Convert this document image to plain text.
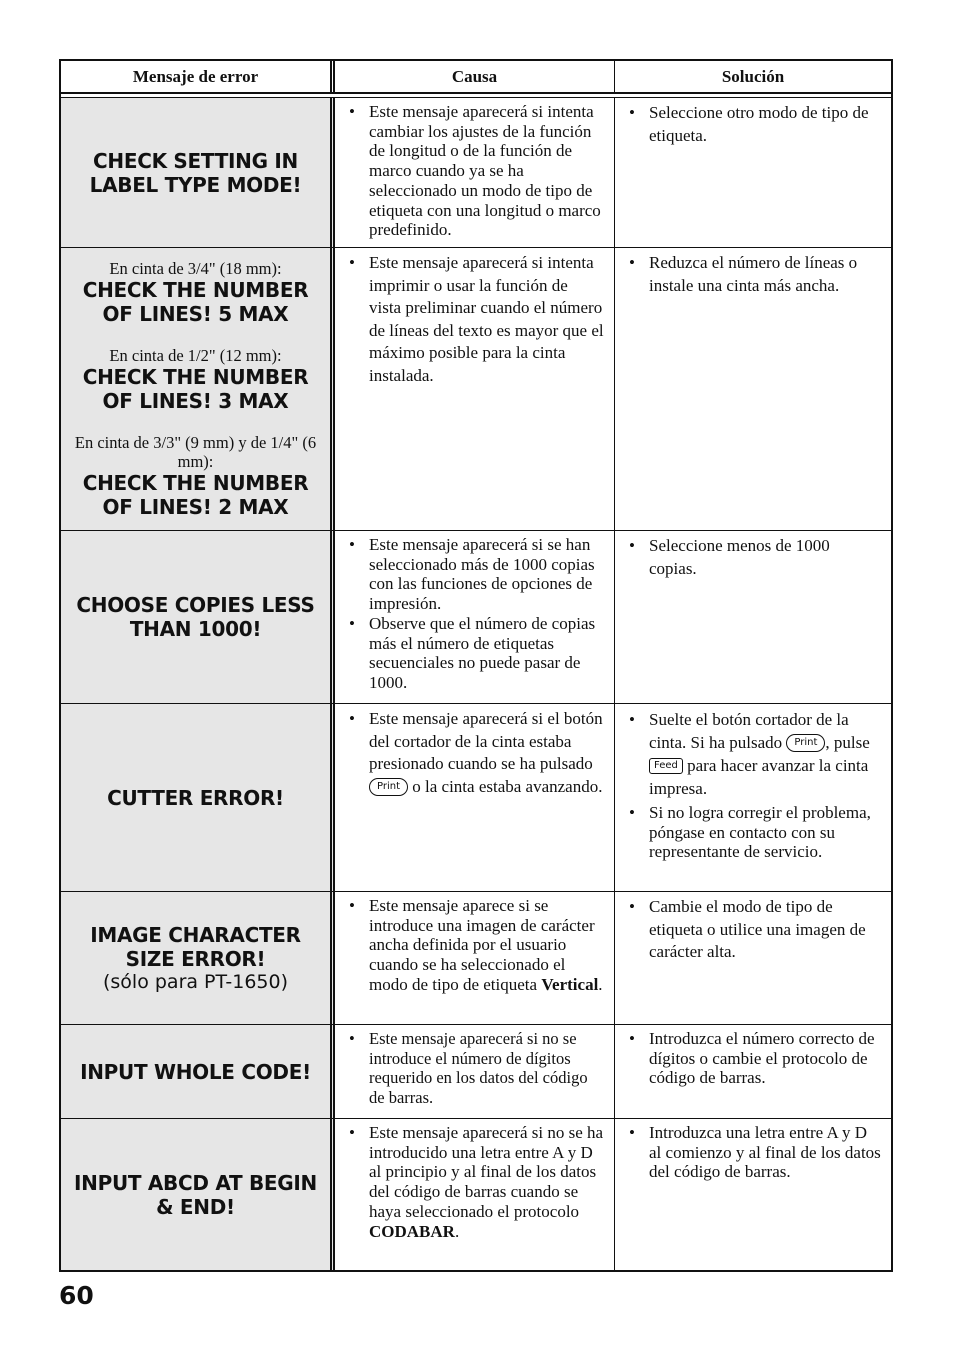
Mensaje de error	Causa	Solución
CHECK SETTING IN LABEL TYPE MODE!
• Este mensaje aparecerá si intenta cambiar los ajustes de la función de longitud o de la función de marco cuando ya se ha seleccionado un modo de tipo de etiqueta con una longitud o marco predefinido.
• Seleccione otro modo de tipo de etiqueta.
En cinta de 3/4" (18 mm):
CHECK THE NUMBER OF LINES! 5 MAX
En cinta de 1/2" (12 mm):
CHECK THE NUMBER OF LINES! 3 MAX
En cinta de 3/3" (9 mm) y de 1/4" (6 mm):
CHECK THE NUMBER OF LINES! 2 MAX
• Este mensaje aparecerá si intenta imprimir o usar la función de vista preliminar cuando el número de líneas del texto es mayor que el máximo posible para la cinta instalada.
• Reduzca el número de líneas o instale una cinta más ancha.
CHOOSE COPIES LESS THAN 1000!
• Este mensaje aparecerá si se han seleccionado más de 1000 copias con las funciones de opciones de impresión.
• Observe que el número de copias más el número de etiquetas secuenciales no puede pasar de 1000.
• Seleccione menos de 1000 copias.
CUTTER ERROR!
• Este mensaje aparecerá si el botón del cortador de la cinta estaba presionado cuando se ha pulsado Print o la cinta estaba avanzando.
• Suelte el botón cortador de la cinta. Si ha pulsado Print , pulse Feed para hacer avanzar la cinta impresa.
• Si no logra corregir el problema, póngase en contacto con su representante de servicio.
IMAGE CHARACTER SIZE ERROR!
(sólo para PT-1650)
• Este mensaje aparece si se introduce una imagen de carácter ancha definida por el usuario cuando se ha seleccionado el modo de tipo de etiqueta Vertical.
• Cambie el modo de tipo de etiqueta o utilice una imagen de carácter alta.
INPUT WHOLE CODE!
• Este mensaje aparecerá si no se introduce el número de dígitos requerido en los datos del código de barras.
• Introduzca el número correcto de dígitos o cambie el protocolo de código de barras.
INPUT ABCD AT BEGIN & END!
• Este mensaje aparecerá si no se ha introducido una letra entre A y D al principio y al final de los datos del código de barras cuando se haya seleccionado el protocolo CODABAR.
• Introduzca una letra entre A y D al comienzo y al final de los datos del código de barras.
60
